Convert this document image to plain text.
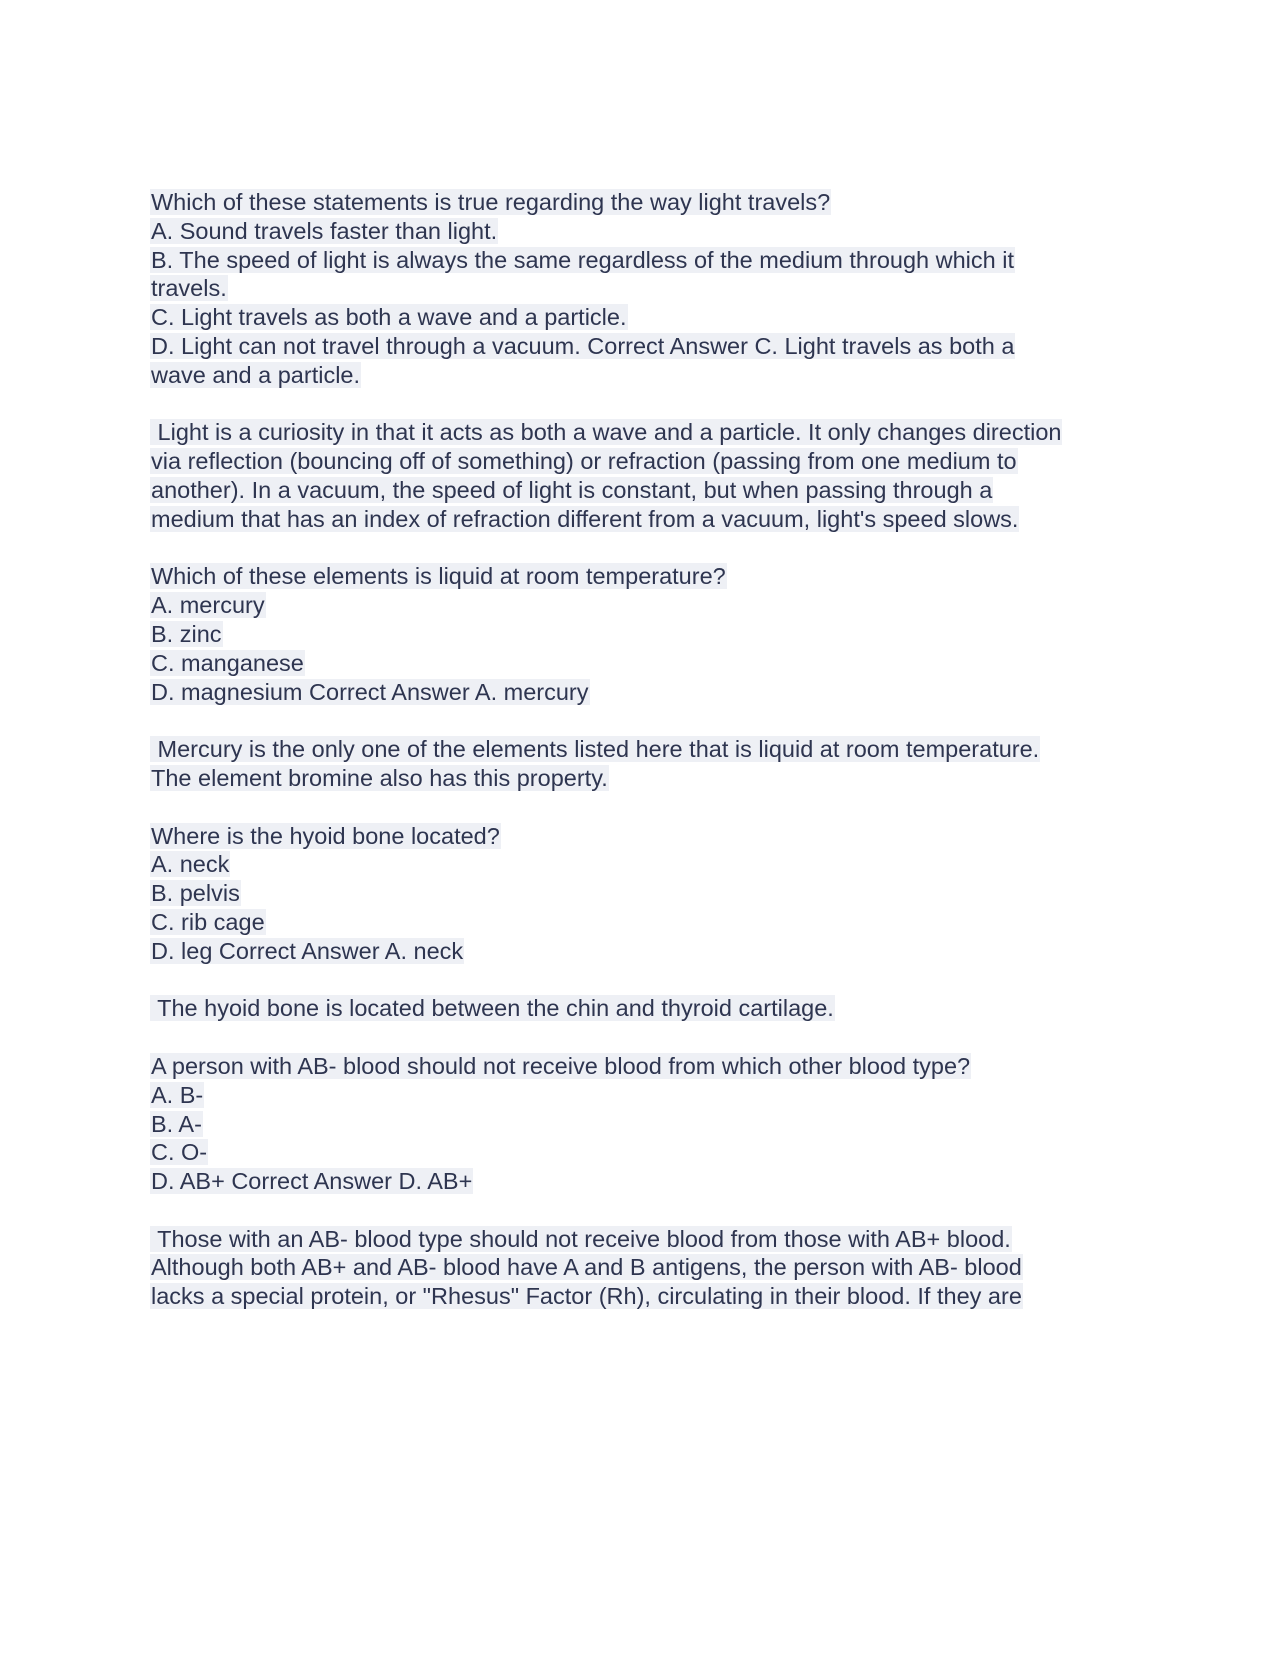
Which of these statements is true regarding the way light travels?
A. Sound travels faster than light.
B. The speed of light is always the same regardless of the medium through which it
travels.
C. Light travels as both a wave and a particle.
D. Light can not travel through a vacuum. Correct Answer C. Light travels as both a
wave and a particle.
Light is a curiosity in that it acts as both a wave and a particle. It only changes direction
via reflection (bouncing off of something) or refraction (passing from one medium to
another). In a vacuum, the speed of light is constant, but when passing through a
medium that has an index of refraction different from a vacuum, light's speed slows.
Which of these elements is liquid at room temperature?
A. mercury
B. zinc
C. manganese
D. magnesium Correct Answer A. mercury
Mercury is the only one of the elements listed here that is liquid at room temperature.
The element bromine also has this property.
Where is the hyoid bone located?
A. neck
B. pelvis
C. rib cage
D. leg Correct Answer A. neck
The hyoid bone is located between the chin and thyroid cartilage.
A person with AB- blood should not receive blood from which other blood type?
A. B-
B. A-
C. O-
D. AB+ Correct Answer D. AB+
Those with an AB- blood type should not receive blood from those with AB+ blood.
Although both AB+ and AB- blood have A and B antigens, the person with AB- blood
lacks a special protein, or "Rhesus" Factor (Rh), circulating in their blood. If they are
